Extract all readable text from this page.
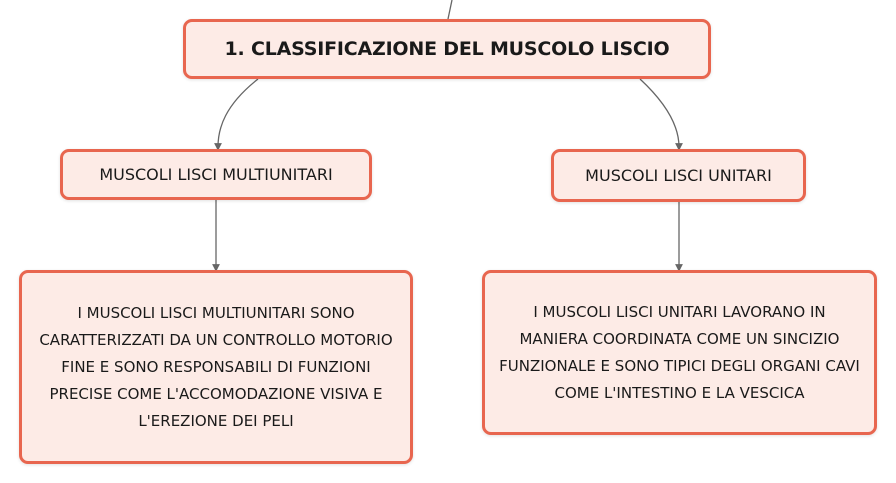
1. CLASSIFICAZIONE DEL MUSCOLO LISCIO
MUSCOLI LISCI MULTIUNITARI	MUSCOLI LISCI UNITARI
I MUSCOLI LISCI MULTIUNITARI SONO CARATTERIZZATI DA UN CONTROLLO MOTORIO FINE E SONO RESPONSABILI DI FUNZIONI PRECISE COME L'ACCOMODAZIONE VISIVA E L'EREZIONE DEI PELI
I MUSCOLI LISCI UNITARI LAVORANO IN MANIERA COORDINATA COME UN SINCIZIO FUNZIONALE E SONO TIPICI DEGLI ORGANI CAVI COME L'INTESTINO E LA VESCICA
